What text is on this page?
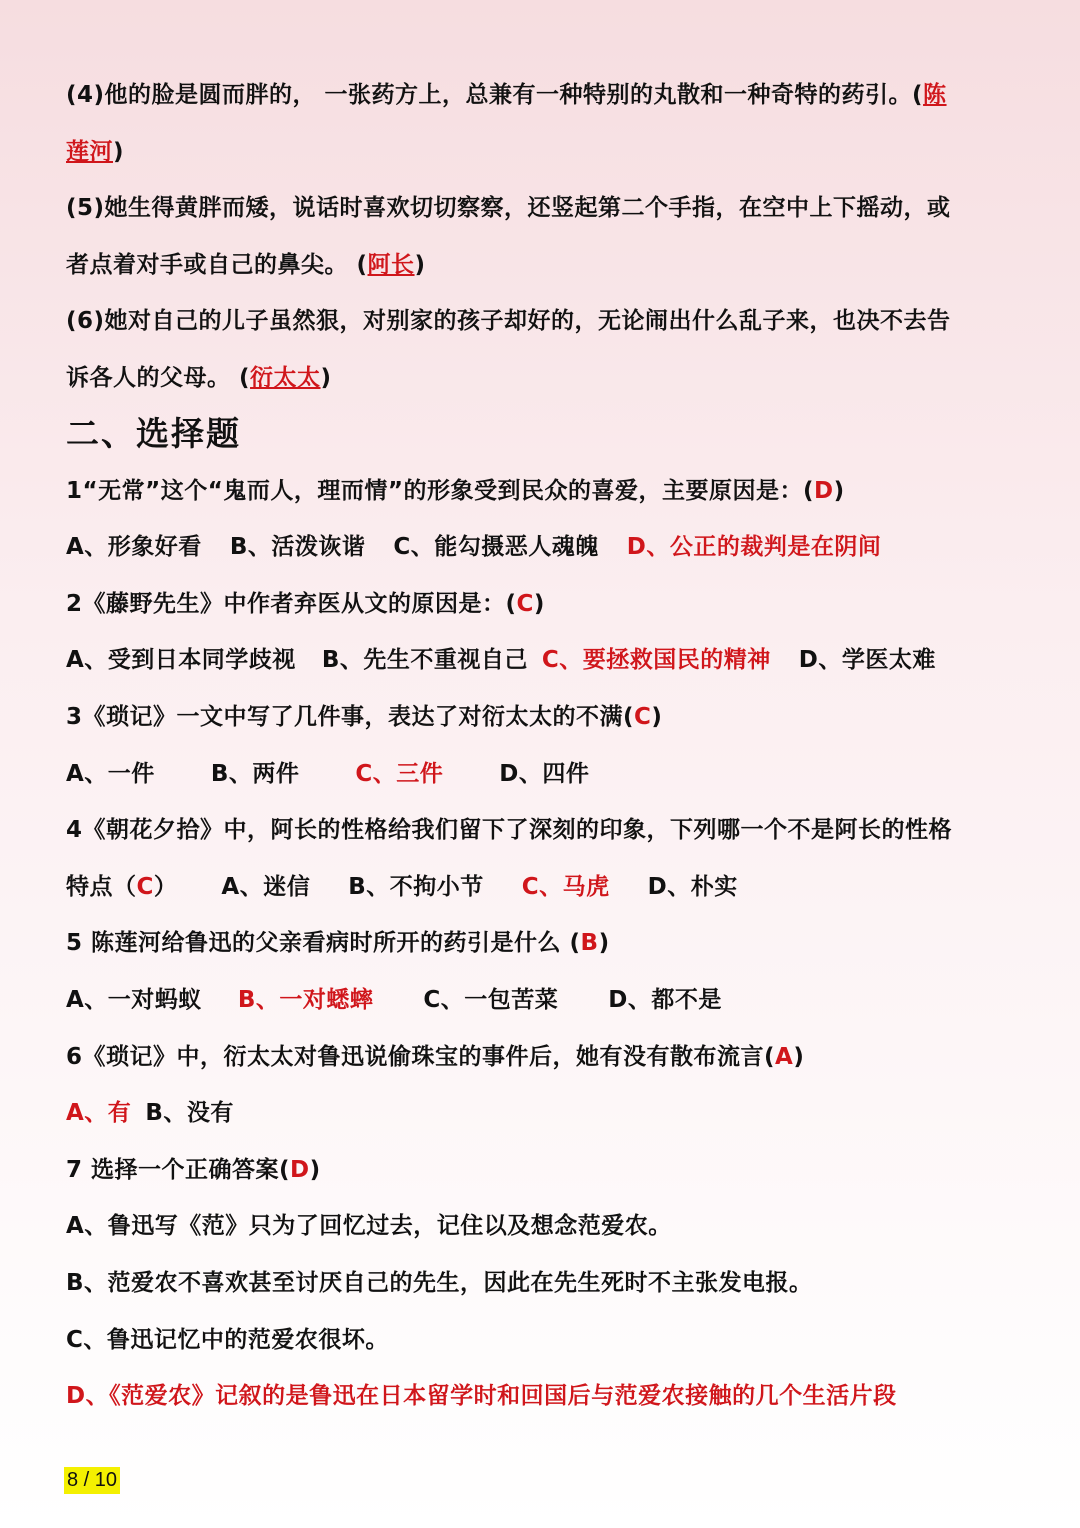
(4)他的脸是圆而胖的， 一张药方上，总兼有一种特别的丸散和一种奇特的药引。(陈
莲河)
(5)她生得黄胖而矮，说话时喜欢切切察察，还竖起第二个手指，在空中上下摇动，或
者点着对手或自己的鼻尖。 (阿长)
(6)她对自己的儿子虽然狠，对别家的孩子却好的，无论闹出什么乱子来，也决不去告
诉各人的父母。 (衍太太)
二、选择题
1“无常”这个“鬼而人，理而情”的形象受到民众的喜爱，主要原因是：(D)
A、形象好看 B、活泼诙谐 C、能勾摄恶人魂魄 D、公正的裁判是在阴间
2《藤野先生》中作者弃医从文的原因是：(C)
A、受到日本同学歧视 B、先生不重视自己 C、要拯救国民的精神 D、学医太难
3《琐记》一文中写了几件事，表达了对衍太太的不满(C)
A、一件 B、两件 C、三件 D、四件
4《朝花夕拾》中，阿长的性格给我们留下了深刻的印象，下列哪一个不是阿长的性格
特点（C） A、迷信 B、不拘小节 C、马虎 D、朴实
5 陈莲河给鲁迅的父亲看病时所开的药引是什么 (B)
A、一对蚂蚁 B、一对蟋蟀 C、一包苦菜 D、都不是
6《琐记》中，衍太太对鲁迅说偷珠宝的事件后，她有没有散布流言(A)
A、有 B、没有
7 选择一个正确答案(D)
A、鲁迅写《范》只为了回忆过去，记住以及想念范爱农。
B、范爱农不喜欢甚至讨厌自己的先生，因此在先生死时不主张发电报。
C、鲁迅记忆中的范爱农很坏。
D、《范爱农》记叙的是鲁迅在日本留学时和回国后与范爱农接触的几个生活片段
8 / 10
